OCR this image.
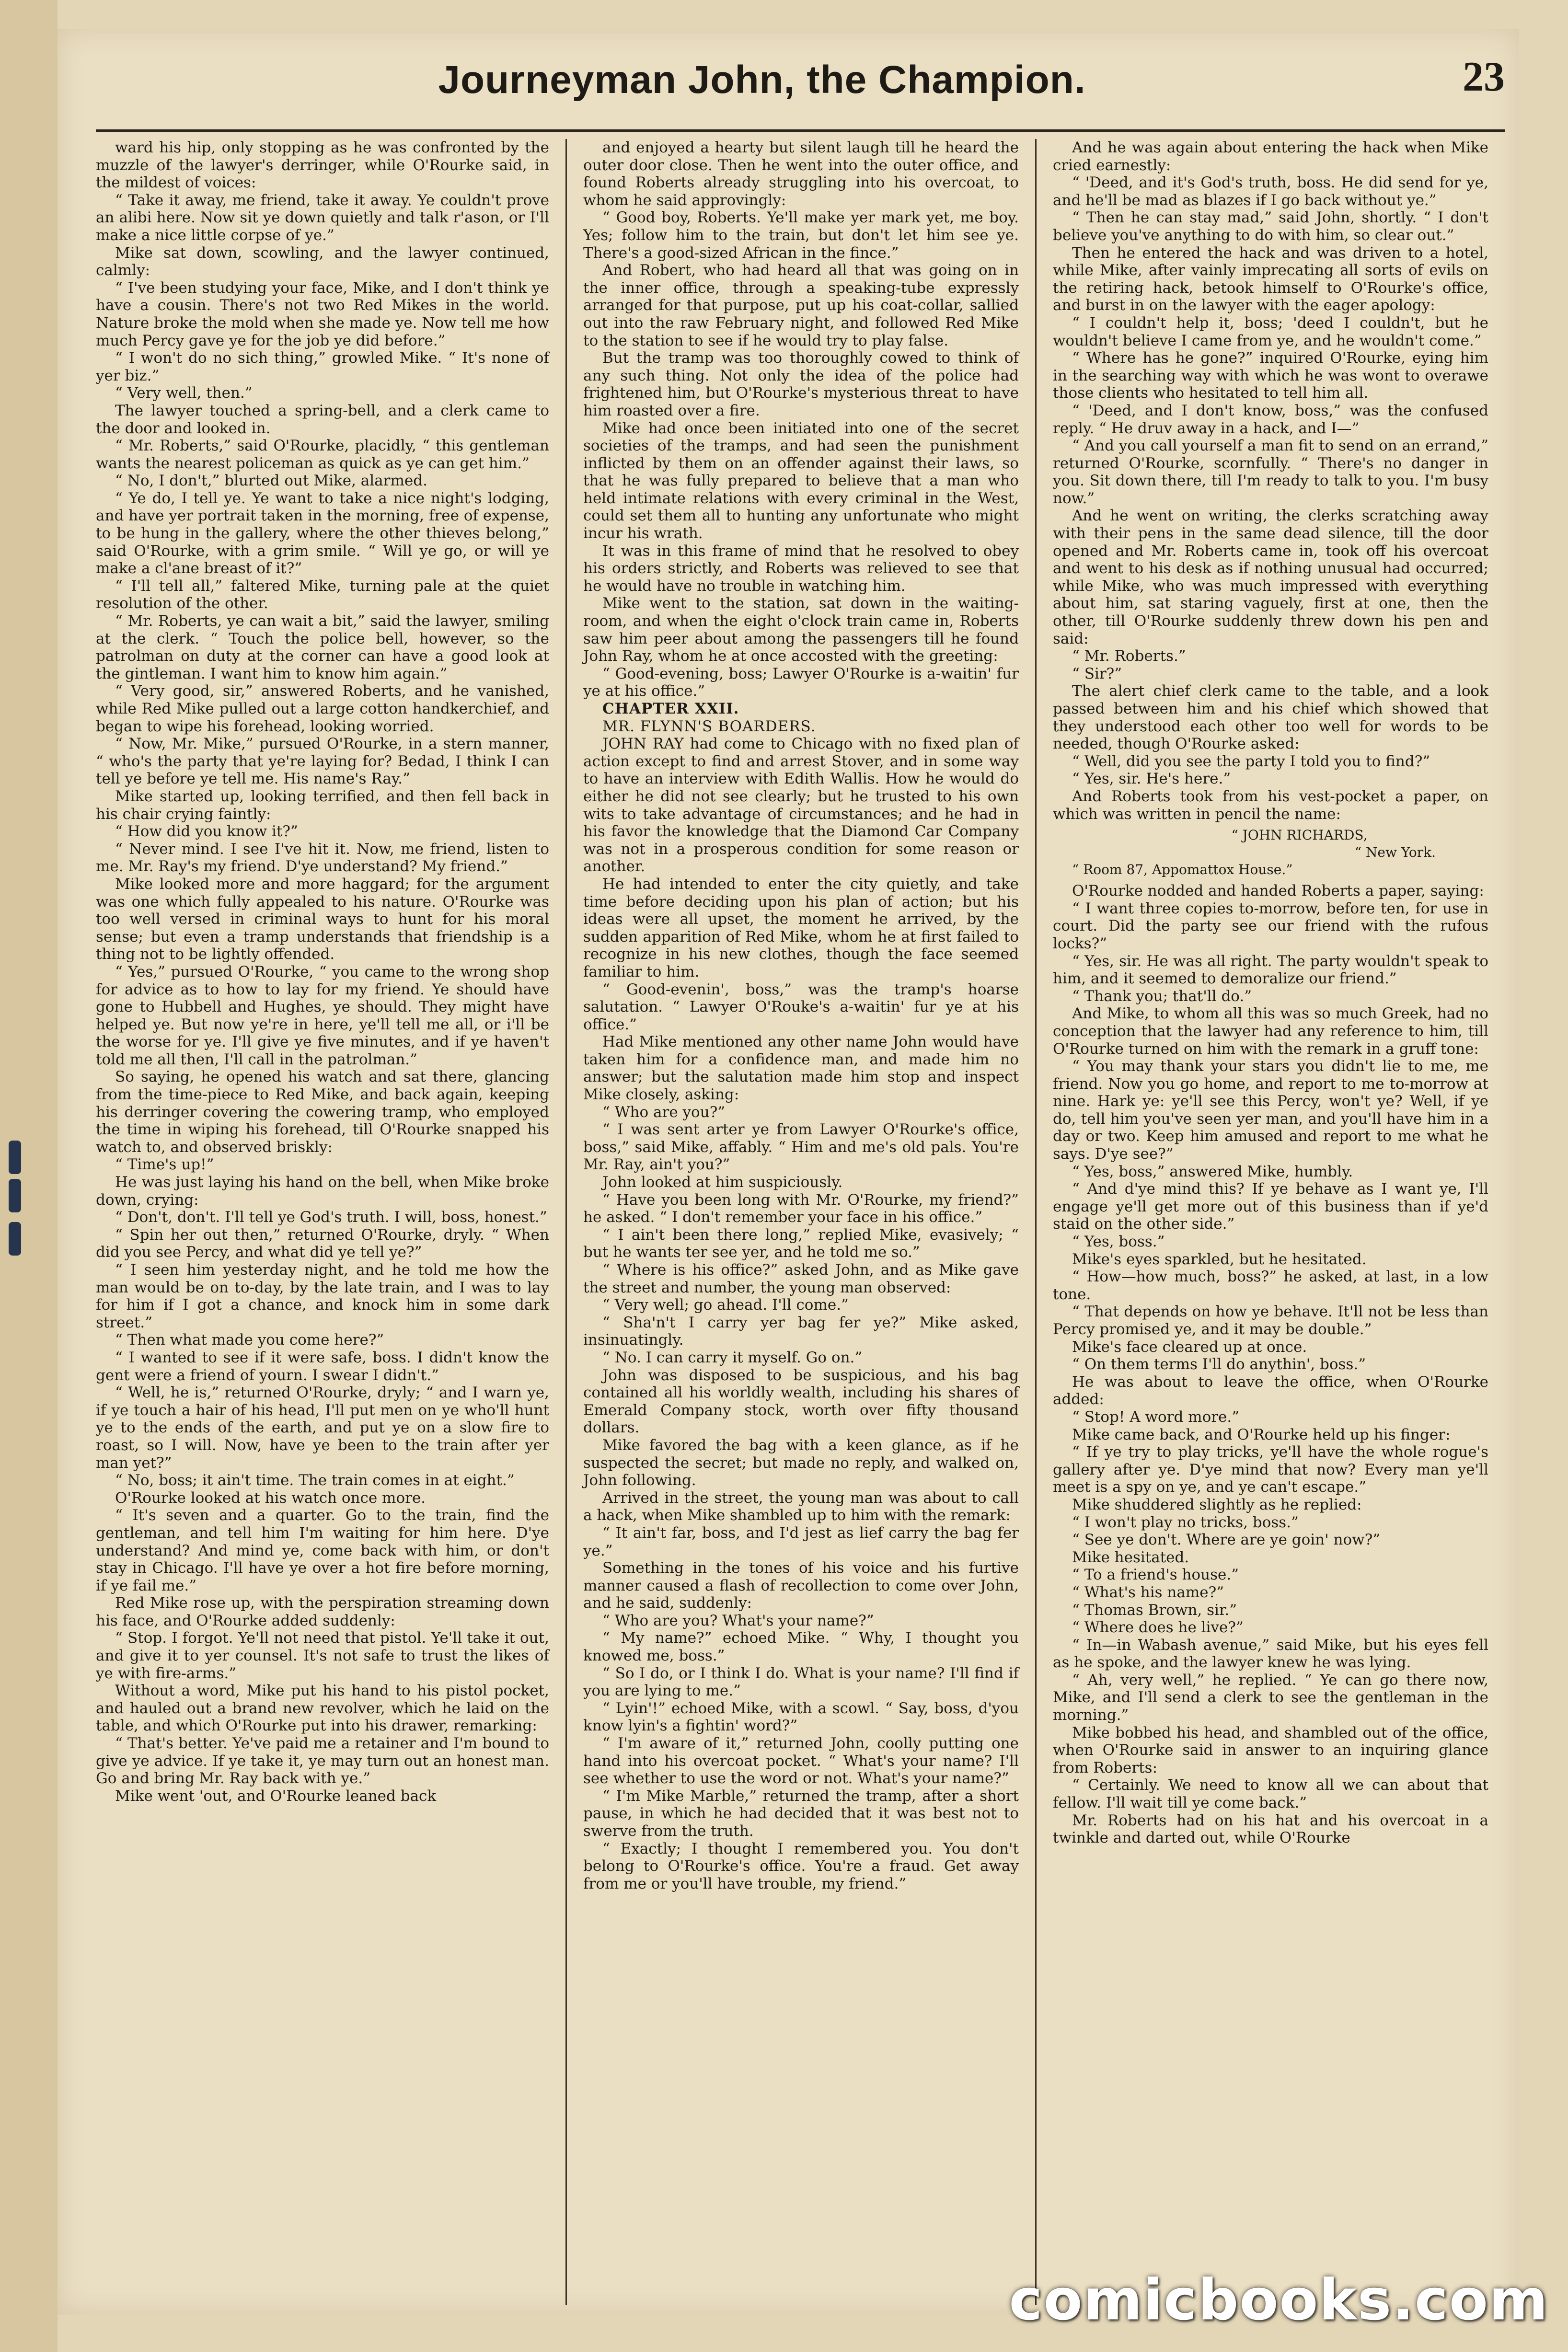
Journeyman John, the Champion.	23

ward his hip, only stopping as he was confronted by the muzzle of the lawyer's derringer, while O'Rourke said, in the mildest of voices:

“ Take it away, me friend, take it away. Ye couldn't prove an alibi here. Now sit ye down quietly and talk r'ason, or I'll make a nice little corpse of ye.”

Mike sat down, scowling, and the lawyer continued, calmly:

“ I've been studying your face, Mike, and I don't think ye have a cousin. There's not two Red Mikes in the world. Nature broke the mold when she made ye. Now tell me how much Percy gave ye for the job ye did before.”

“ I won't do no sich thing,” growled Mike. “ It's none of yer biz.”

“ Very well, then.”

The lawyer touched a spring-bell, and a clerk came to the door and looked in.

“ Mr. Roberts,” said O'Rourke, placidly, “ this gentleman wants the nearest policeman as quick as ye can get him.”

“ No, I don't,” blurted out Mike, alarmed.

“ Ye do, I tell ye. Ye want to take a nice night's lodging, and have yer portrait taken in the morning, free of expense, to be hung in the gallery, where the other thieves belong,” said O'Rourke, with a grim smile. “ Will ye go, or will ye make a cl'ane breast of it?”

“ I'll tell all,” faltered Mike, turning pale at the quiet resolution of the other.

“ Mr. Roberts, ye can wait a bit,” said the lawyer, smiling at the clerk. “ Touch the police bell, however, so the patrolman on duty at the corner can have a good look at the gintleman. I want him to know him again.”

“ Very good, sir,” answered Roberts, and he vanished, while Red Mike pulled out a large cotton handkerchief, and began to wipe his forehead, looking worried.

“ Now, Mr. Mike,” pursued O'Rourke, in a stern manner, “ who's the party that ye're laying for? Bedad, I think I can tell ye before ye tell me. His name's Ray.”

Mike started up, looking terrified, and then fell back in his chair crying faintly:

“ How did you know it?”

“ Never mind. I see I've hit it. Now, me friend, listen to me. Mr. Ray's my friend. D'ye understand? My friend.”

Mike looked more and more haggard; for the argument was one which fully appealed to his nature. O'Rourke was too well versed in criminal ways to hunt for his moral sense; but even a tramp understands that friendship is a thing not to be lightly offended.

“ Yes,” pursued O'Rourke, “ you came to the wrong shop for advice as to how to lay for my friend. Ye should have gone to Hubbell and Hughes, ye should. They might have helped ye. But now ye're in here, ye'll tell me all, or i'll be the worse for ye. I'll give ye five minutes, and if ye haven't told me all then, I'll call in the patrolman.”

So saying, he opened his watch and sat there, glancing from the time-piece to Red Mike, and back again, keeping his derringer covering the cowering tramp, who employed the time in wiping his forehead, till O'Rourke snapped his watch to, and observed briskly:

“ Time's up!”

He was just laying his hand on the bell, when Mike broke down, crying:

“ Don't, don't. I'll tell ye God's truth. I will, boss, honest.”

“ Spin her out then,” returned O'Rourke, dryly. “ When did you see Percy, and what did ye tell ye?”

“ I seen him yesterday night, and he told me how the man would be on to-day, by the late train, and I was to lay for him if I got a chance, and knock him in some dark street.”

“ Then what made you come here?”

“ I wanted to see if it were safe, boss. I didn't know the gent were a friend of yourn. I swear I didn't.”

“ Well, he is,” returned O'Rourke, dryly; “ and I warn ye, if ye touch a hair of his head, I'll put men on ye who'll hunt ye to the ends of the earth, and put ye on a slow fire to roast, so I will. Now, have ye been to the train after yer man yet?”

“ No, boss; it ain't time. The train comes in at eight.”

O'Rourke looked at his watch once more.

“ It's seven and a quarter. Go to the train, find the gentleman, and tell him I'm waiting for him here. D'ye understand? And mind ye, come back with him, or don't stay in Chicago. I'll have ye over a hot fire before morning, if ye fail me.”

Red Mike rose up, with the perspiration streaming down his face, and O'Rourke added suddenly:

“ Stop. I forgot. Ye'll not need that pistol. Ye'll take it out, and give it to yer counsel. It's not safe to trust the likes of ye with fire-arms.”

Without a word, Mike put his hand to his pistol pocket, and hauled out a brand new revolver, which he laid on the table, and which O'Rourke put into his drawer, remarking:

“ That's better. Ye've paid me a retainer and I'm bound to give ye advice. If ye take it, ye may turn out an honest man. Go and bring Mr. Ray back with ye.”

Mike went 'out, and O'Rourke leaned back

and enjoyed a hearty but silent laugh till he heard the outer door close. Then he went into the outer office, and found Roberts already struggling into his overcoat, to whom he said approvingly:

“ Good boy, Roberts. Ye'll make yer mark yet, me boy. Yes; follow him to the train, but don't let him see ye. There's a good-sized African in the fince.”

And Robert, who had heard all that was going on in the inner office, through a speaking-tube expressly arranged for that purpose, put up his coat-collar, sallied out into the raw February night, and followed Red Mike to the station to see if he would try to play false.

But the tramp was too thoroughly cowed to think of any such thing. Not only the idea of the police had frightened him, but O'Rourke's mysterious threat to have him roasted over a fire.

Mike had once been initiated into one of the secret societies of the tramps, and had seen the punishment inflicted by them on an offender against their laws, so that he was fully prepared to believe that a man who held intimate relations with every criminal in the West, could set them all to hunting any unfortunate who might incur his wrath.

It was in this frame of mind that he resolved to obey his orders strictly, and Roberts was relieved to see that he would have no trouble in watching him.

Mike went to the station, sat down in the waiting-room, and when the eight o'clock train came in, Roberts saw him peer about among the passengers till he found John Ray, whom he at once accosted with the greeting:

“ Good-evening, boss; Lawyer O'Rourke is a-waitin' fur ye at his office.”

CHAPTER XXII.

MR. FLYNN'S BOARDERS.

JOHN RAY had come to Chicago with no fixed plan of action except to find and arrest Stover, and in some way to have an interview with Edith Wallis. How he would do either he did not see clearly; but he trusted to his own wits to take advantage of circumstances; and he had in his favor the knowledge that the Diamond Car Company was not in a prosperous condition for some reason or another.

He had intended to enter the city quietly, and take time before deciding upon his plan of action; but his ideas were all upset, the moment he arrived, by the sudden apparition of Red Mike, whom he at first failed to recognize in his new clothes, though the face seemed familiar to him.

“ Good-evenin', boss,” was the tramp's hoarse salutation. “ Lawyer O'Rouke's a-waitin' fur ye at his office.”

Had Mike mentioned any other name John would have taken him for a confidence man, and made him no answer; but the salutation made him stop and inspect Mike closely, asking:

“ Who are you?”

“ I was sent arter ye from Lawyer O'Rourke's office, boss,” said Mike, affably. “ Him and me's old pals. You're Mr. Ray, ain't you?”

John looked at him suspiciously.

“ Have you been long with Mr. O'Rourke, my friend?” he asked. “ I don't remember your face in his office.”

“ I ain't been there long,” replied Mike, evasively; “ but he wants ter see yer, and he told me so.”

“ Where is his office?” asked John, and as Mike gave the street and number, the young man observed:

“ Very well; go ahead. I'll come.”

“ Sha'n't I carry yer bag fer ye?” Mike asked, insinuatingly.

“ No. I can carry it myself. Go on.”

John was disposed to be suspicious, and his bag contained all his worldly wealth, including his shares of Emerald Company stock, worth over fifty thousand dollars.

Mike favored the bag with a keen glance, as if he suspected the secret; but made no reply, and walked on, John following.

Arrived in the street, the young man was about to call a hack, when Mike shambled up to him with the remark:

“ It ain't far, boss, and I'd jest as lief carry the bag fer ye.”

Something in the tones of his voice and his furtive manner caused a flash of recollection to come over John, and he said, suddenly:

“ Who are you? What's your name?”

“ My name?” echoed Mike. “ Why, I thought you knowed me, boss.”

“ So I do, or I think I do. What is your name? I'll find if you are lying to me.”

“ Lyin'!” echoed Mike, with a scowl. “ Say, boss, d'you know lyin's a fightin' word?”

“ I'm aware of it,” returned John, coolly putting one hand into his overcoat pocket. “ What's your name? I'll see whether to use the word or not. What's your name?”

“ I'm Mike Marble,” returned the tramp, after a short pause, in which he had decided that it was best not to swerve from the truth.

“ Exactly; I thought I remembered you. You don't belong to O'Rourke's office. You're a fraud. Get away from me or you'll have trouble, my friend.”

And he was again about entering the hack when Mike cried earnestly:

“ 'Deed, and it's God's truth, boss. He did send for ye, and he'll be mad as blazes if I go back without ye.”

“ Then he can stay mad,” said John, shortly. “ I don't believe you've anything to do with him, so clear out.”

Then he entered the hack and was driven to a hotel, while Mike, after vainly imprecating all sorts of evils on the retiring hack, betook himself to O'Rourke's office, and burst in on the lawyer with the eager apology:

“ I couldn't help it, boss; 'deed I couldn't, but he wouldn't believe I came from ye, and he wouldn't come.”

“ Where has he gone?” inquired O'Rourke, eying him in the searching way with which he was wont to overawe those clients who hesitated to tell him all.

“ 'Deed, and I don't know, boss,” was the confused reply. “ He druv away in a hack, and I—”

“ And you call yourself a man fit to send on an errand,” returned O'Rourke, scornfully. “ There's no danger in you. Sit down there, till I'm ready to talk to you. I'm busy now.”

And he went on writing, the clerks scratching away with their pens in the same dead silence, till the door opened and Mr. Roberts came in, took off his overcoat and went to his desk as if nothing unusual had occurred; while Mike, who was much impressed with everything about him, sat staring vaguely, first at one, then the other, till O'Rourke suddenly threw down his pen and said:

“ Mr. Roberts.”

“ Sir?”

The alert chief clerk came to the table, and a look passed between him and his chief which showed that they understood each other too well for words to be needed, though O'Rourke asked:

“ Well, did you see the party I told you to find?”

“ Yes, sir. He's here.”

And Roberts took from his vest-pocket a paper, on which was written in pencil the name:

“ JOHN RICHARDS,
“ New York.
“ Room 87, Appomattox House.”

O'Rourke nodded and handed Roberts a paper, saying:

“ I want three copies to-morrow, before ten, for use in court. Did the party see our friend with the rufous locks?”

“ Yes, sir. He was all right. The party wouldn't speak to him, and it seemed to demoralize our friend.”

“ Thank you; that'll do.”

And Mike, to whom all this was so much Greek, had no conception that the lawyer had any reference to him, till O'Rourke turned on him with the remark in a gruff tone:

“ You may thank your stars you didn't lie to me, me friend. Now you go home, and report to me to-morrow at nine. Hark ye: ye'll see this Percy, won't ye? Well, if ye do, tell him you've seen yer man, and you'll have him in a day or two. Keep him amused and report to me what he says. D'ye see?”

“ Yes, boss,” answered Mike, humbly.

“ And d'ye mind this? If ye behave as I want ye, I'll engage ye'll get more out of this business than if ye'd staid on the other side.”

“ Yes, boss.”

Mike's eyes sparkled, but he hesitated.

“ How—how much, boss?” he asked, at last, in a low tone.

“ That depends on how ye behave. It'll not be less than Percy promised ye, and it may be double.”

Mike's face cleared up at once.

“ On them terms I'll do anythin', boss.”

He was about to leave the office, when O'Rourke added:

“ Stop! A word more.”

Mike came back, and O'Rourke held up his finger:

“ If ye try to play tricks, ye'll have the whole rogue's gallery after ye. D'ye mind that now? Every man ye'll meet is a spy on ye, and ye can't escape.”

Mike shuddered slightly as he replied:

“ I won't play no tricks, boss.”

“ See ye don't. Where are ye goin' now?”

Mike hesitated.

“ To a friend's house.”

“ What's his name?”

“ Thomas Brown, sir.”

“ Where does he live?”

“ In—in Wabash avenue,” said Mike, but his eyes fell as he spoke, and the lawyer knew he was lying.

“ Ah, very well,” he replied. “ Ye can go there now, Mike, and I'll send a clerk to see the gentleman in the morning.”

Mike bobbed his head, and shambled out of the office, when O'Rourke said in answer to an inquiring glance from Roberts:

“ Certainly. We need to know all we can about that fellow. I'll wait till ye come back.”

Mr. Roberts had on his hat and his overcoat in a twinkle and darted out, while O'Rourke

comicbooks.com
